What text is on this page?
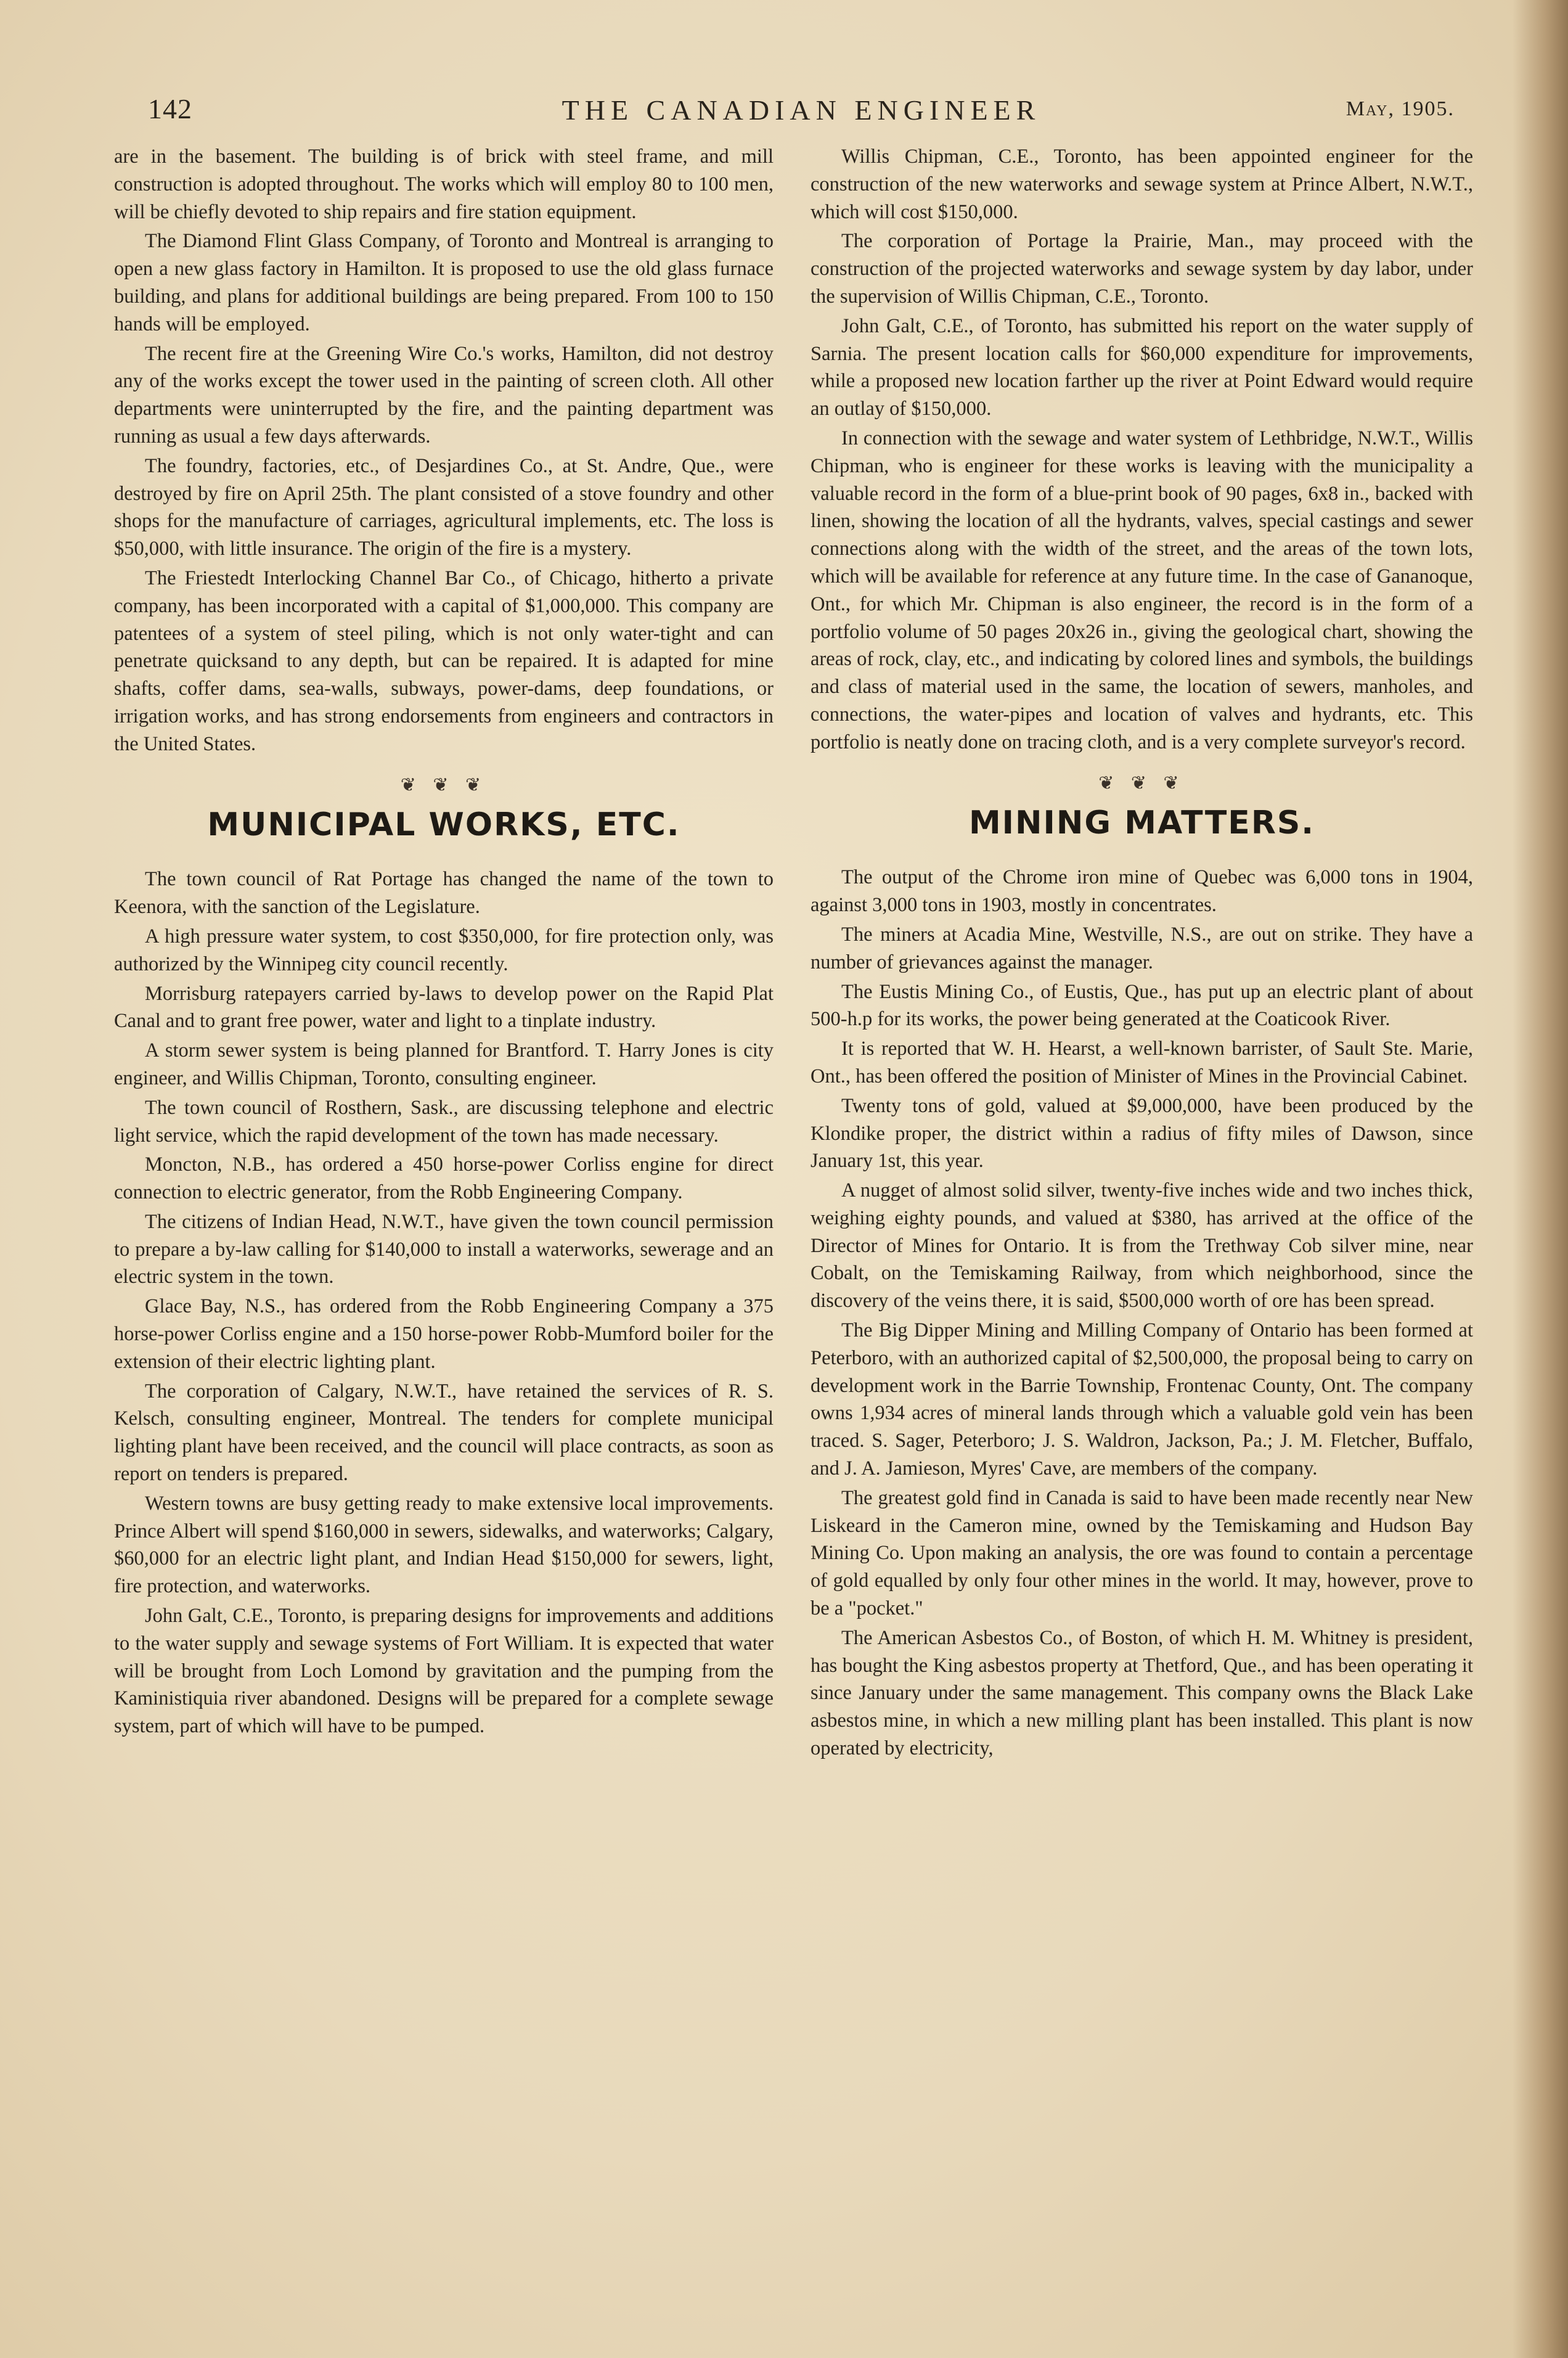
142	THE CANADIAN ENGINEER	May, 1905.

are in the basement. The building is of brick with steel frame, and mill construction is adopted throughout. The works which will employ 80 to 100 men, will be chiefly devoted to ship repairs and fire station equipment.

The Diamond Flint Glass Company, of Toronto and Montreal is arranging to open a new glass factory in Hamilton. It is proposed to use the old glass furnace building, and plans for additional buildings are being prepared. From 100 to 150 hands will be employed.

The recent fire at the Greening Wire Co.'s works, Hamilton, did not destroy any of the works except the tower used in the painting of screen cloth. All other departments were uninterrupted by the fire, and the painting department was running as usual a few days afterwards.

The foundry, factories, etc., of Desjardines Co., at St. Andre, Que., were destroyed by fire on April 25th. The plant consisted of a stove foundry and other shops for the manufacture of carriages, agricultural implements, etc. The loss is $50,000, with little insurance. The origin of the fire is a mystery.

The Friestedt Interlocking Channel Bar Co., of Chicago, hitherto a private company, has been incorporated with a capital of $1,000,000. This company are patentees of a system of steel piling, which is not only water-tight and can penetrate quicksand to any depth, but can be repaired. It is adapted for mine shafts, coffer dams, sea-walls, subways, power-dams, deep foundations, or irrigation works, and has strong endorsements from engineers and contractors in the United States.

❦ ❦ ❦
MUNICIPAL WORKS, ETC.

The town council of Rat Portage has changed the name of the town to Keenora, with the sanction of the Legislature.

A high pressure water system, to cost $350,000, for fire protection only, was authorized by the Winnipeg city council recently.

Morrisburg ratepayers carried by-laws to develop power on the Rapid Plat Canal and to grant free power, water and light to a tinplate industry.

A storm sewer system is being planned for Brantford. T. Harry Jones is city engineer, and Willis Chipman, Toronto, consulting engineer.

The town council of Rosthern, Sask., are discussing telephone and electric light service, which the rapid development of the town has made necessary.

Moncton, N.B., has ordered a 450 horse-power Corliss engine for direct connection to electric generator, from the Robb Engineering Company.

The citizens of Indian Head, N.W.T., have given the town council permission to prepare a by-law calling for $140,000 to install a waterworks, sewerage and an electric system in the town.

Glace Bay, N.S., has ordered from the Robb Engineering Company a 375 horse-power Corliss engine and a 150 horse-power Robb-Mumford boiler for the extension of their electric lighting plant.

The corporation of Calgary, N.W.T., have retained the services of R. S. Kelsch, consulting engineer, Montreal. The tenders for complete municipal lighting plant have been received, and the council will place contracts, as soon as report on tenders is prepared.

Western towns are busy getting ready to make extensive local improvements. Prince Albert will spend $160,000 in sewers, sidewalks, and waterworks; Calgary, $60,000 for an electric light plant, and Indian Head $150,000 for sewers, light, fire protection, and waterworks.

John Galt, C.E., Toronto, is preparing designs for improvements and additions to the water supply and sewage systems of Fort William. It is expected that water will be brought from Loch Lomond by gravitation and the pumping from the Kaministiquia river abandoned. Designs will be prepared for a complete sewage system, part of which will have to be pumped.

Willis Chipman, C.E., Toronto, has been appointed engineer for the construction of the new waterworks and sewage system at Prince Albert, N.W.T., which will cost $150,000.

The corporation of Portage la Prairie, Man., may proceed with the construction of the projected waterworks and sewage system by day labor, under the supervision of Willis Chipman, C.E., Toronto.

John Galt, C.E., of Toronto, has submitted his report on the water supply of Sarnia. The present location calls for $60,000 expenditure for improvements, while a proposed new location farther up the river at Point Edward would require an outlay of $150,000.

In connection with the sewage and water system of Lethbridge, N.W.T., Willis Chipman, who is engineer for these works is leaving with the municipality a valuable record in the form of a blue-print book of 90 pages, 6x8 in., backed with linen, showing the location of all the hydrants, valves, special castings and sewer connections along with the width of the street, and the areas of the town lots, which will be available for reference at any future time. In the case of Gananoque, Ont., for which Mr. Chipman is also engineer, the record is in the form of a portfolio volume of 50 pages 20x26 in., giving the geological chart, showing the areas of rock, clay, etc., and indicating by colored lines and symbols, the buildings and class of material used in the same, the location of sewers, manholes, and connections, the water-pipes and location of valves and hydrants, etc. This portfolio is neatly done on tracing cloth, and is a very complete surveyor's record.

❦ ❦ ❦
MINING MATTERS.

The output of the Chrome iron mine of Quebec was 6,000 tons in 1904, against 3,000 tons in 1903, mostly in concentrates.

The miners at Acadia Mine, Westville, N.S., are out on strike. They have a number of grievances against the manager.

The Eustis Mining Co., of Eustis, Que., has put up an electric plant of about 500-h.p for its works, the power being generated at the Coaticook River.

It is reported that W. H. Hearst, a well-known barrister, of Sault Ste. Marie, Ont., has been offered the position of Minister of Mines in the Provincial Cabinet.

Twenty tons of gold, valued at $9,000,000, have been produced by the Klondike proper, the district within a radius of fifty miles of Dawson, since January 1st, this year.

A nugget of almost solid silver, twenty-five inches wide and two inches thick, weighing eighty pounds, and valued at $380, has arrived at the office of the Director of Mines for Ontario. It is from the Trethway Cob silver mine, near Cobalt, on the Temiskaming Railway, from which neighborhood, since the discovery of the veins there, it is said, $500,000 worth of ore has been spread.

The Big Dipper Mining and Milling Company of Ontario has been formed at Peterboro, with an authorized capital of $2,500,000, the proposal being to carry on development work in the Barrie Township, Frontenac County, Ont. The company owns 1,934 acres of mineral lands through which a valuable gold vein has been traced. S. Sager, Peterboro; J. S. Waldron, Jackson, Pa.; J. M. Fletcher, Buffalo, and J. A. Jamieson, Myres' Cave, are members of the company.

The greatest gold find in Canada is said to have been made recently near New Liskeard in the Cameron mine, owned by the Temiskaming and Hudson Bay Mining Co. Upon making an analysis, the ore was found to contain a percentage of gold equalled by only four other mines in the world. It may, however, prove to be a "pocket."

The American Asbestos Co., of Boston, of which H. M. Whitney is president, has bought the King asbestos property at Thetford, Que., and has been operating it since January under the same management. This company owns the Black Lake asbestos mine, in which a new milling plant has been installed. This plant is now operated by electricity,
